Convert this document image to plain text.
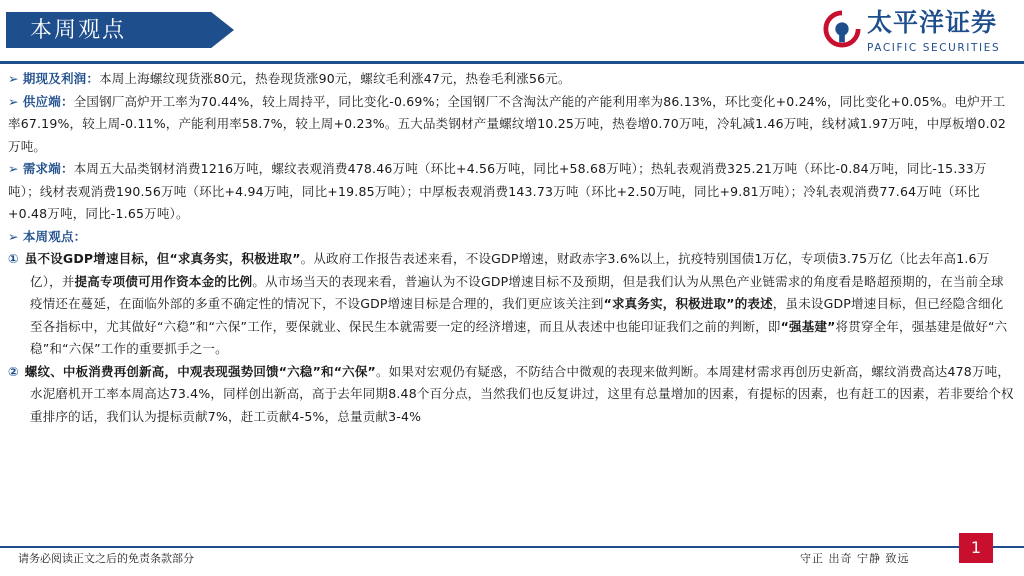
本周观点	太平洋证券
PACIFIC SECURITIES

➢ 期现及利润：本周上海螺纹现货涨80元，热卷现货涨90元，螺纹毛利涨47元，热卷毛利涨56元。

➢ 供应端：全国钢厂高炉开工率为70.44%，较上周持平，同比变化-0.69%；全国钢厂不含淘汰产能的产能利用率为86.13%，环比变化+0.24%，同比变化+0.05%。电炉开工率67.19%，较上周-0.11%，产能利用率58.7%，较上周+0.23%。五大品类钢材产量螺纹增10.25万吨，热卷增0.70万吨，冷轧减1.46万吨，线材减1.97万吨，中厚板增0.02万吨。

➢ 需求端：本周五大品类钢材消费1216万吨，螺纹表观消费478.46万吨（环比+4.56万吨，同比+58.68万吨）；热轧表观消费325.21万吨（环比-0.84万吨，同比-15.33万吨）；线材表观消费190.56万吨（环比+4.94万吨，同比+19.85万吨）；中厚板表观消费143.73万吨（环比+2.50万吨，同比+9.81万吨）；冷轧表观消费77.64万吨（环比+0.48万吨，同比-1.65万吨）。

➢ 本周观点：

① 虽不设GDP增速目标，但“求真务实，积极进取”。从政府工作报告表述来看，不设GDP增速，财政赤字3.6%以上，抗疫特别国债1万亿，专项债3.75万亿（比去年高1.6万亿），并提高专项债可用作资本金的比例。从市场当天的表现来看，普遍认为不设GDP增速目标不及预期，但是我们认为从黑色产业链需求的角度看是略超预期的，在当前全球疫情还在蔓延，在面临外部的多重不确定性的情况下，不设GDP增速目标是合理的，我们更应该关注到“求真务实，积极进取”的表述，虽未设GDP增速目标，但已经隐含细化至各指标中，尤其做好“六稳”和“六保”工作，要保就业、保民生本就需要一定的经济增速，而且从表述中也能印证我们之前的判断，即“强基建”将贯穿全年，强基建是做好“六稳”和“六保”工作的重要抓手之一。

② 螺纹、中板消费再创新高，中观表现强势回馈“六稳”和“六保”。如果对宏观仍有疑惑，不防结合中微观的表现来做判断。本周建材需求再创历史新高，螺纹消费高达478万吨，水泥磨机开工率本周高达73.4%，同样创出新高，高于去年同期8.48个百分点，当然我们也反复讲过，这里有总量增加的因素，有提标的因素，也有赶工的因素，若非要给个权重排序的话，我们认为提标贡献7%，赶工贡献4-5%，总量贡献3-4%

请务必阅读正文之后的免责条款部分	守正 出奇 宁静 致远
1
